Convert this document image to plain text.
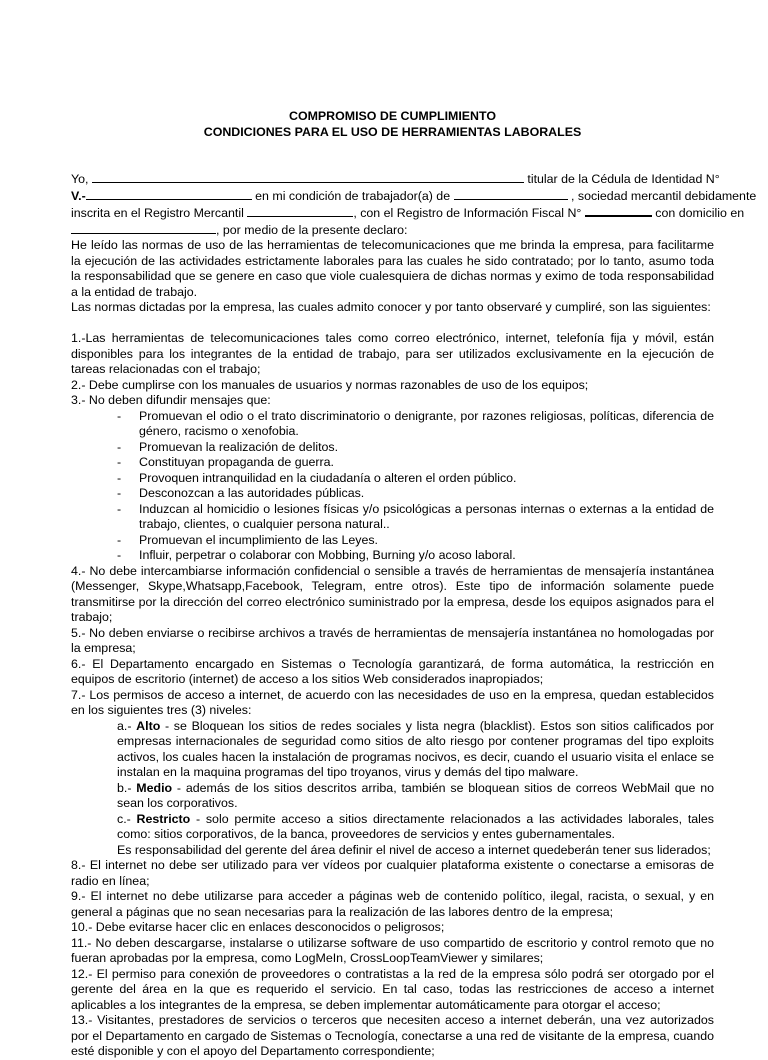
COMPROMISO DE CUMPLIMIENTO
CONDICIONES PARA EL USO DE HERRAMIENTAS LABORALES
Yo,	titular de la Cédula de Identidad N°
V.-	en mi condición de trabajador(a) de	, sociedad mercantil debidamente
inscrita en el Registro Mercantil	, con el Registro de Información Fiscal N°	con domicilio en
, por medio de la presente declaro:

He leído las normas de uso de las herramientas de telecomunicaciones que me brinda la empresa, para facilitarme la ejecución de las actividades estrictamente laborales para las cuales he sido contratado; por lo tanto, asumo toda la responsabilidad que se genere en caso que viole cualesquiera de dichas normas y eximo de toda responsabilidad a la entidad de trabajo.

Las normas dictadas por la empresa, las cuales admito conocer y por tanto observaré y cumpliré, son las siguientes:

1.-Las herramientas de telecomunicaciones tales como correo electrónico, internet, telefonía fija y móvil, están disponibles para los integrantes de la entidad de trabajo, para ser utilizados exclusivamente en la ejecución de tareas relacionadas con el trabajo;

2.- Debe cumplirse con los manuales de usuarios y normas razonables de uso de los equipos;

3.- No deben difundir mensajes que:

- Promuevan el odio o el trato discriminatorio o denigrante, por razones religiosas, políticas, diferencia de género, racismo o xenofobia.
- Promuevan la realización de delitos.
- Constituyan propaganda de guerra.
- Provoquen intranquilidad en la ciudadanía o alteren el orden público.
- Desconozcan a las autoridades públicas.
- Induzcan al homicidio o lesiones físicas y/o psicológicas a personas internas o externas a la entidad de trabajo, clientes, o cualquier persona natural..
- Promuevan el incumplimiento de las Leyes.
- Influir, perpetrar o colaborar con Mobbing, Burning y/o acoso laboral.

4.- No debe intercambiarse información confidencial o sensible a través de herramientas de mensajería instantánea (Messenger, Skype,Whatsapp,Facebook, Telegram, entre otros). Este tipo de información solamente puede transmitirse por la dirección del correo electrónico suministrado por la empresa, desde los equipos asignados para el trabajo;

5.- No deben enviarse o recibirse archivos a través de herramientas de mensajería instantánea no homologadas por la empresa;

6.- El Departamento encargado en Sistemas o Tecnología garantizará, de forma automática, la restricción en equipos de escritorio (internet) de acceso a los sitios Web considerados inapropiados;

7.- Los permisos de acceso a internet, de acuerdo con las necesidades de uso en la empresa, quedan establecidos en los siguientes tres (3) niveles:

a.- Alto - se Bloquean los sitios de redes sociales y lista negra (blacklist). Estos son sitios calificados por empresas internacionales de seguridad como sitios de alto riesgo por contener programas del tipo exploits activos, los cuales hacen la instalación de programas nocivos, es decir, cuando el usuario visita el enlace se instalan en la maquina programas del tipo troyanos, virus y demás del tipo malware.

b.- Medio - además de los sitios descritos arriba, también se bloquean sitios de correos WebMail que no sean los corporativos.

c.- Restricto - solo permite acceso a sitios directamente relacionados a las actividades laborales, tales como: sitios corporativos, de la banca, proveedores de servicios y entes gubernamentales.

Es responsabilidad del gerente del área definir el nivel de acceso a internet quedeberán tener sus liderados;

8.- El internet no debe ser utilizado para ver vídeos por cualquier plataforma existente o conectarse a emisoras de radio en línea;

9.- El internet no debe utilizarse para acceder a páginas web de contenido político, ilegal, racista, o sexual, y en general a páginas que no sean necesarias para la realización de las labores dentro de la empresa;

10.- Debe evitarse hacer clic en enlaces desconocidos o peligrosos;

11.- No deben descargarse, instalarse o utilizarse software de uso compartido de escritorio y control remoto que no fueran aprobadas por la empresa, como LogMeIn, CrossLoopTeamViewer y similares;

12.- El permiso para conexión de proveedores o contratistas a la red de la empresa sólo podrá ser otorgado por el gerente del área en la que es requerido el servicio. En tal caso, todas las restricciones de acceso a internet aplicables a los integrantes de la empresa, se deben implementar automáticamente para otorgar el acceso;

13.- Visitantes, prestadores de servicios o terceros que necesiten acceso a internet deberán, una vez autorizados por el Departamento en cargado de Sistemas o Tecnología, conectarse a una red de visitante de la empresa, cuando esté disponible y con el apoyo del Departamento correspondiente;
